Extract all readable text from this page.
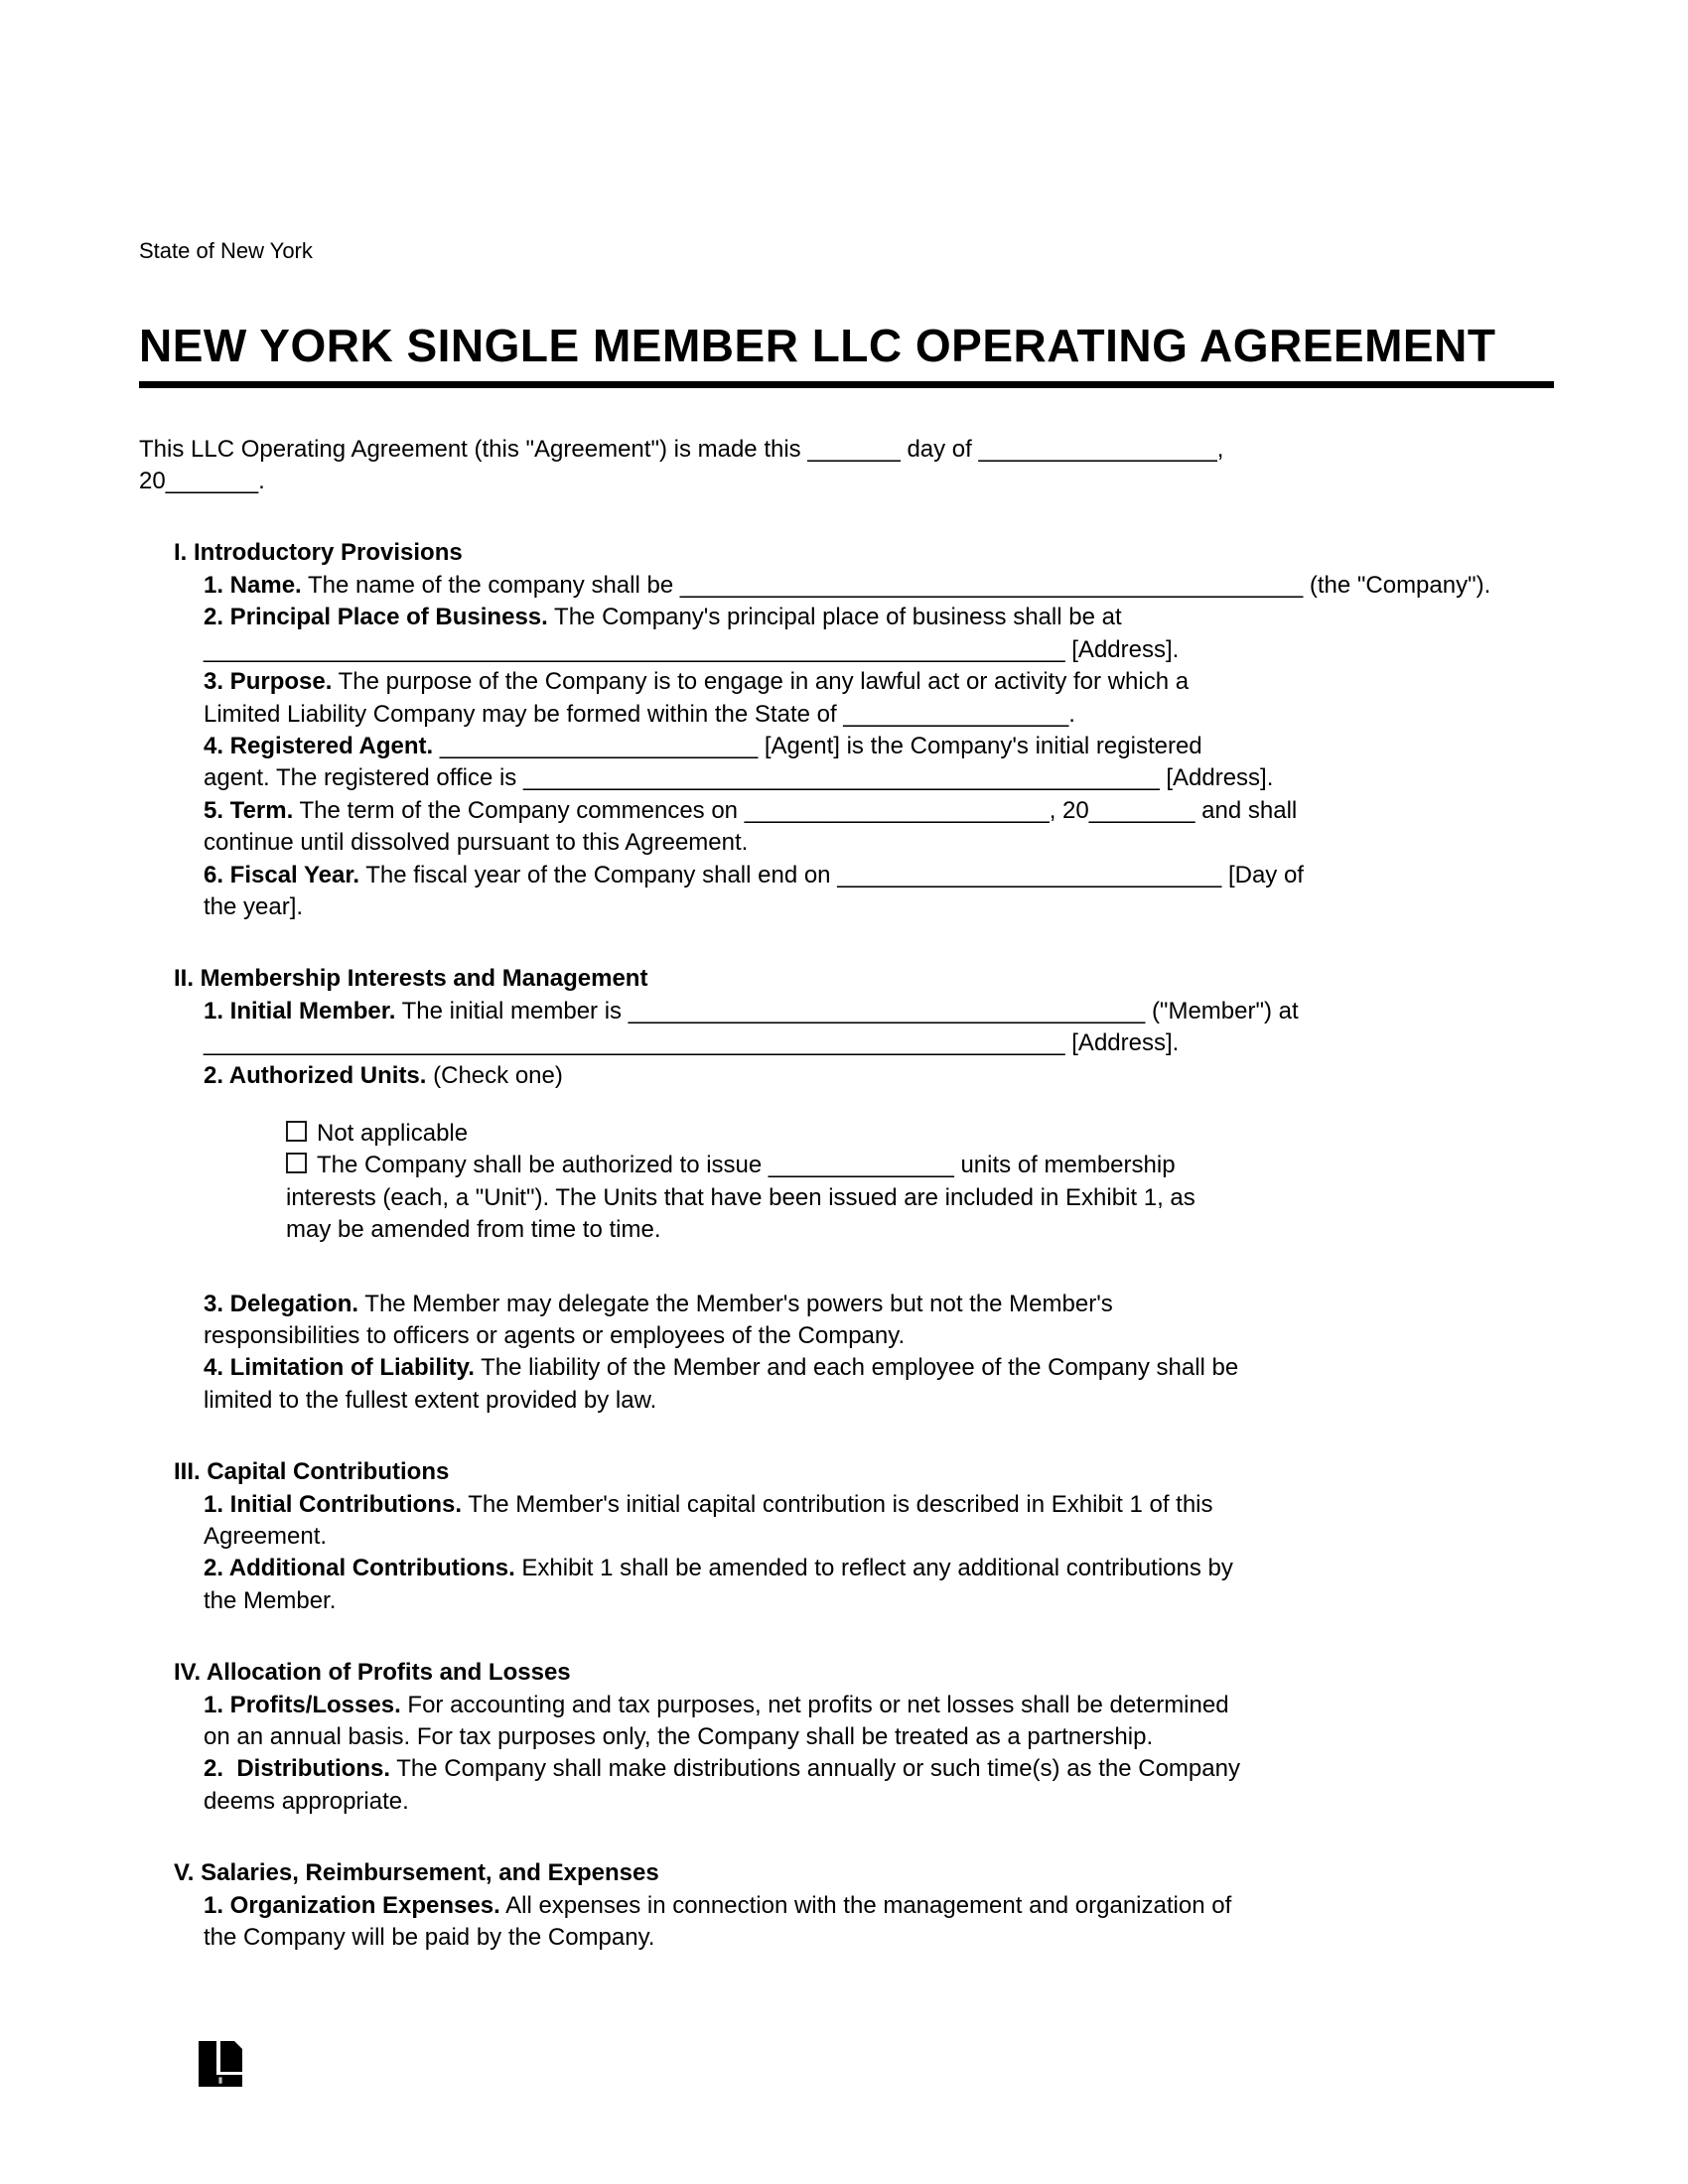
State of New York
NEW YORK SINGLE MEMBER LLC OPERATING AGREEMENT

This LLC Operating Agreement (this "Agreement") is made this _______ day of __________________,
20_______.

I. Introductory Provisions
1. Name. The name of the company shall be _______________________________________________ (the "Company").
2. Principal Place of Business. The Company's principal place of business shall be at
_________________________________________________________________ [Address].
3. Purpose. The purpose of the Company is to engage in any lawful act or activity for which a
Limited Liability Company may be formed within the State of _________________.
4. Registered Agent. ________________________ [Agent] is the Company's initial registered
agent. The registered office is ________________________________________________ [Address].
5. Term. The term of the Company commences on _______________________, 20________ and shall
continue until dissolved pursuant to this Agreement.
6. Fiscal Year. The fiscal year of the Company shall end on _____________________________ [Day of
the year].
II. Membership Interests and Management
1. Initial Member. The initial member is _______________________________________ ("Member") at
_________________________________________________________________ [Address].
2. Authorized Units. (Check one)
Not applicable
The Company shall be authorized to issue ______________ units of membership
interests (each, a "Unit"). The Units that have been issued are included in Exhibit 1, as
may be amended from time to time.
3. Delegation. The Member may delegate the Member's powers but not the Member's
responsibilities to officers or agents or employees of the Company.
4. Limitation of Liability. The liability of the Member and each employee of the Company shall be
limited to the fullest extent provided by law.
III. Capital Contributions
1. Initial Contributions. The Member's initial capital contribution is described in Exhibit 1 of this
Agreement.
2. Additional Contributions. Exhibit 1 shall be amended to reflect any additional contributions by
the Member.
IV. Allocation of Profits and Losses
1. Profits/Losses. For accounting and tax purposes, net profits or net losses shall be determined
on an annual basis. For tax purposes only, the Company shall be treated as a partnership.
2.  Distributions. The Company shall make distributions annually or such time(s) as the Company
deems appropriate.
V. Salaries, Reimbursement, and Expenses
1. Organization Expenses. All expenses in connection with the management and organization of
the Company will be paid by the Company.
